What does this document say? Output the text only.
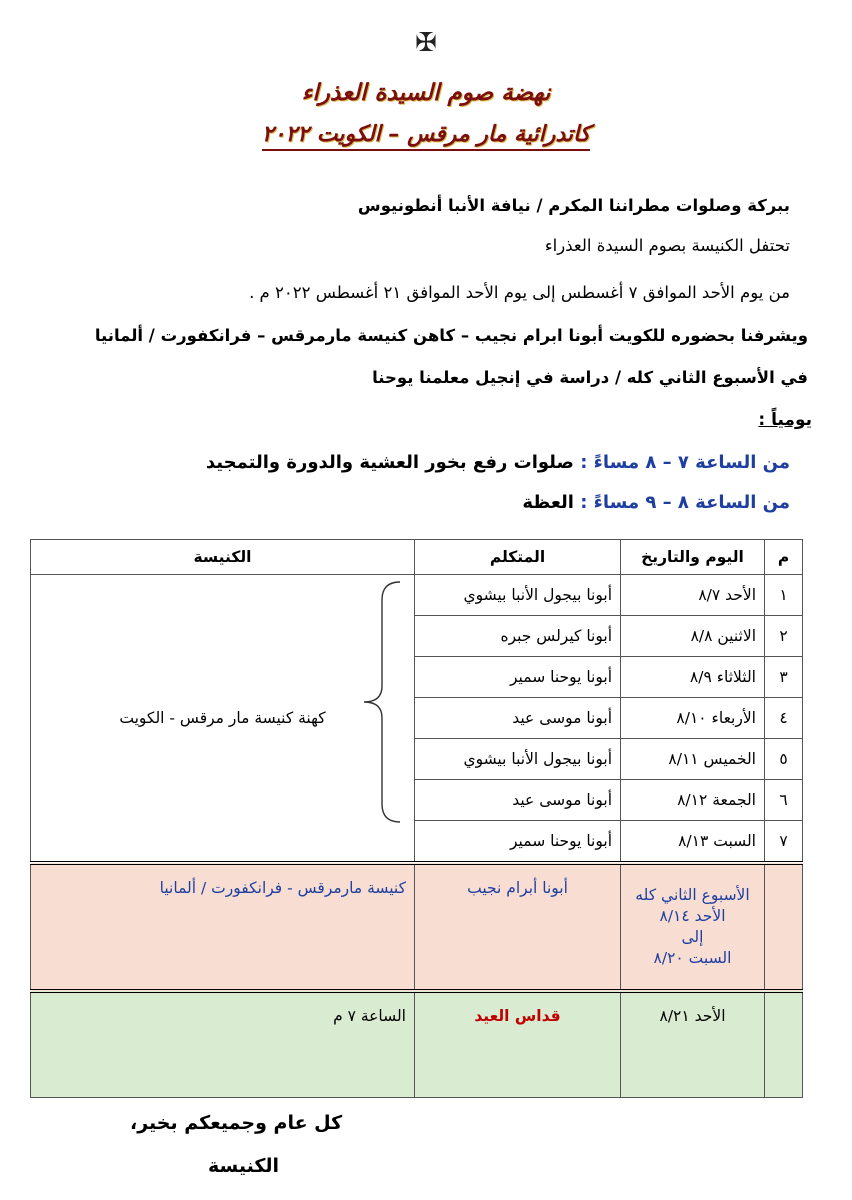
✠
نهضة صوم السيدة العذراء
كاتدرائية مار مرقس – الكويت ٢٠٢٢
ببركة وصلوات مطراننا المكرم / نيافة الأنبا أنطونيوس
تحتفل الكنيسة بصوم السيدة العذراء
من يوم الأحد الموافق ٧ أغسطس إلى يوم الأحد الموافق ٢١ أغسطس ٢٠٢٢ م .
ويشرفنا بحضوره للكويت أبونا ابرام نجيب – كاهن كنيسة مارمرقس – فرانكفورت / ألمانيا
في الأسبوع الثاني كله / دراسة في إنجيل معلمنا يوحنا
يومياً :
من الساعة ٧ – ٨ مساءً : صلوات رفع بخور العشية والدورة والتمجيد
من الساعة ٨ – ٩ مساءً : العظة
م	اليوم والتاريخ	المتكلم	الكنيسة
١	الأحد ٨/٧	أبونا بيجول الأنبا بيشوي	كهنة كنيسة مار مرقس - الكويت
٢	الاثنين ٨/٨	أبونا كيرلس جبره	
٣	الثلاثاء ٨/٩	أبونا يوحنا سمير	
٤	الأربعاء ٨/١٠	أبونا موسى عيد	
٥	الخميس ٨/١١	أبونا بيجول الأنبا بيشوي	
٦	الجمعة ٨/١٢	أبونا موسى عيد	
٧	السبت ٨/١٣	أبونا يوحنا سمير	

	الأسبوع الثاني كله
الأحد ٨/١٤
إلى
السبت ٨/٢٠	أبونا أبرام نجيب	كنيسة مارمرقس - فرانكفورت / ألمانيا
	الأحد ٨/٢١	قداس العيد	الساعة ٧ م
كل عام وجميعكم بخير،
الكنيسة
